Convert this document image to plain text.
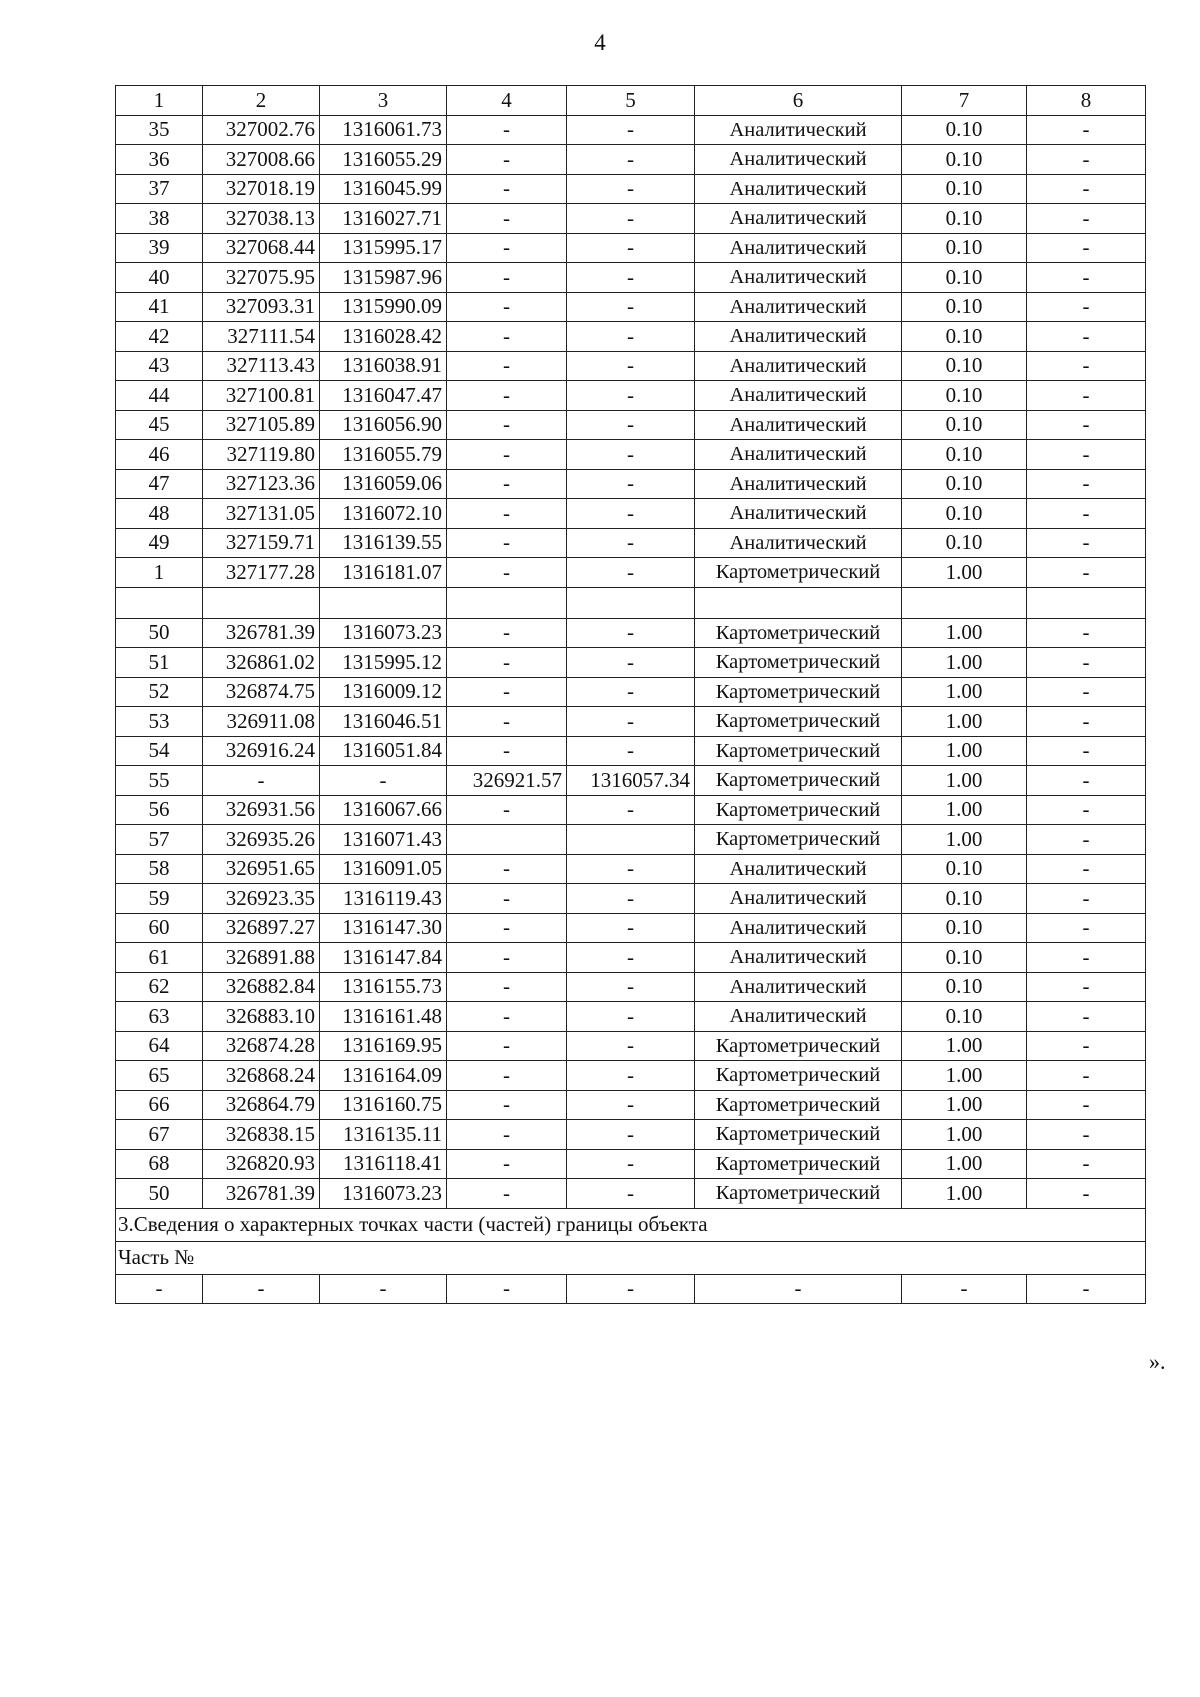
4
1	2	3	4	5	6	7	8
35	327002.76	1316061.73	-	-	Аналитический	0.10	-
36	327008.66	1316055.29	-	-	Аналитический	0.10	-
37	327018.19	1316045.99	-	-	Аналитический	0.10	-
38	327038.13	1316027.71	-	-	Аналитический	0.10	-
39	327068.44	1315995.17	-	-	Аналитический	0.10	-
40	327075.95	1315987.96	-	-	Аналитический	0.10	-
41	327093.31	1315990.09	-	-	Аналитический	0.10	-
42	327111.54	1316028.42	-	-	Аналитический	0.10	-
43	327113.43	1316038.91	-	-	Аналитический	0.10	-
44	327100.81	1316047.47	-	-	Аналитический	0.10	-
45	327105.89	1316056.90	-	-	Аналитический	0.10	-
46	327119.80	1316055.79	-	-	Аналитический	0.10	-
47	327123.36	1316059.06	-	-	Аналитический	0.10	-
48	327131.05	1316072.10	-	-	Аналитический	0.10	-
49	327159.71	1316139.55	-	-	Аналитический	0.10	-
1	327177.28	1316181.07	-	-	Картометрический	1.00	-

50	326781.39	1316073.23	-	-	Картометрический	1.00	-
51	326861.02	1315995.12	-	-	Картометрический	1.00	-
52	326874.75	1316009.12	-	-	Картометрический	1.00	-
53	326911.08	1316046.51	-	-	Картометрический	1.00	-
54	326916.24	1316051.84	-	-	Картометрический	1.00	-
55	-	-	326921.57	1316057.34	Картометрический	1.00	-
56	326931.56	1316067.66	-	-	Картометрический	1.00	-
57	326935.26	1316071.43			Картометрический	1.00	-
58	326951.65	1316091.05	-	-	Аналитический	0.10	-
59	326923.35	1316119.43	-	-	Аналитический	0.10	-
60	326897.27	1316147.30	-	-	Аналитический	0.10	-
61	326891.88	1316147.84	-	-	Аналитический	0.10	-
62	326882.84	1316155.73	-	-	Аналитический	0.10	-
63	326883.10	1316161.48	-	-	Аналитический	0.10	-
64	326874.28	1316169.95	-	-	Картометрический	1.00	-
65	326868.24	1316164.09	-	-	Картометрический	1.00	-
66	326864.79	1316160.75	-	-	Картометрический	1.00	-
67	326838.15	1316135.11	-	-	Картометрический	1.00	-
68	326820.93	1316118.41	-	-	Картометрический	1.00	-
50	326781.39	1316073.23	-	-	Картометрический	1.00	-
3.Сведения о характерных точках части (частей) границы объекта							
Часть №							
-	-	-	-	-	-	-	-
».
